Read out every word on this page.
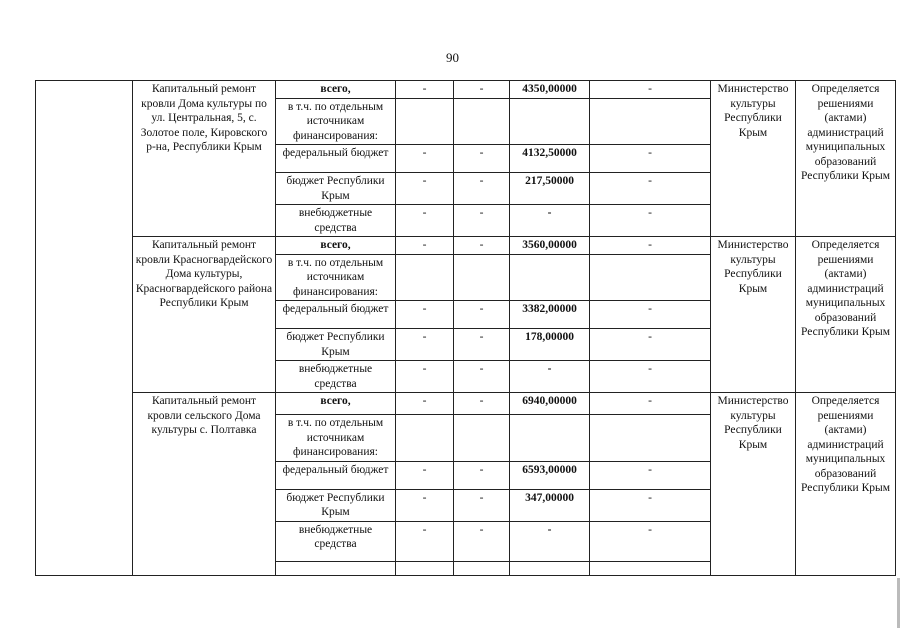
90
	Капитальный ремонт кровли Дома культуры по ул. Центральная, 5, с. Золотое поле, Кировского р-на, Республики Крым	всего,	-	-	4350,00000	-	Министерство культуры Республики Крым	Определяется решениями (актами) администраций муниципальных образований Республики Крым
		в т.ч. по отдельным источникам финансирования:						
		федеральный бюджет	-	-	4132,50000	-		
		бюджет Республики Крым	-	-	217,50000	-		
		внебюджетные средства	-	-	-	-		
	Капитальный ремонт кровли Красногвардейского Дома культуры, Красногвардейского района Республики Крым	всего,	-	-	3560,00000	-	Министерство культуры Республики Крым	Определяется решениями (актами) администраций муниципальных образований Республики Крым
		в т.ч. по отдельным источникам финансирования:						
		федеральный бюджет	-	-	3382,00000	-		
		бюджет Республики Крым	-	-	178,00000	-		
		внебюджетные средства	-	-	-	-		
	Капитальный ремонт кровли сельского Дома культуры с. Полтавка	всего,	-	-	6940,00000	-	Министерство культуры Республики Крым	Определяется решениями (актами) администраций муниципальных образований Республики Крым
		в т.ч. по отдельным источникам финансирования:						
		федеральный бюджет	-	-	6593,00000	-		
		бюджет Республики Крым	-	-	347,00000	-		
		внебюджетные средства	-	-	-	-		
